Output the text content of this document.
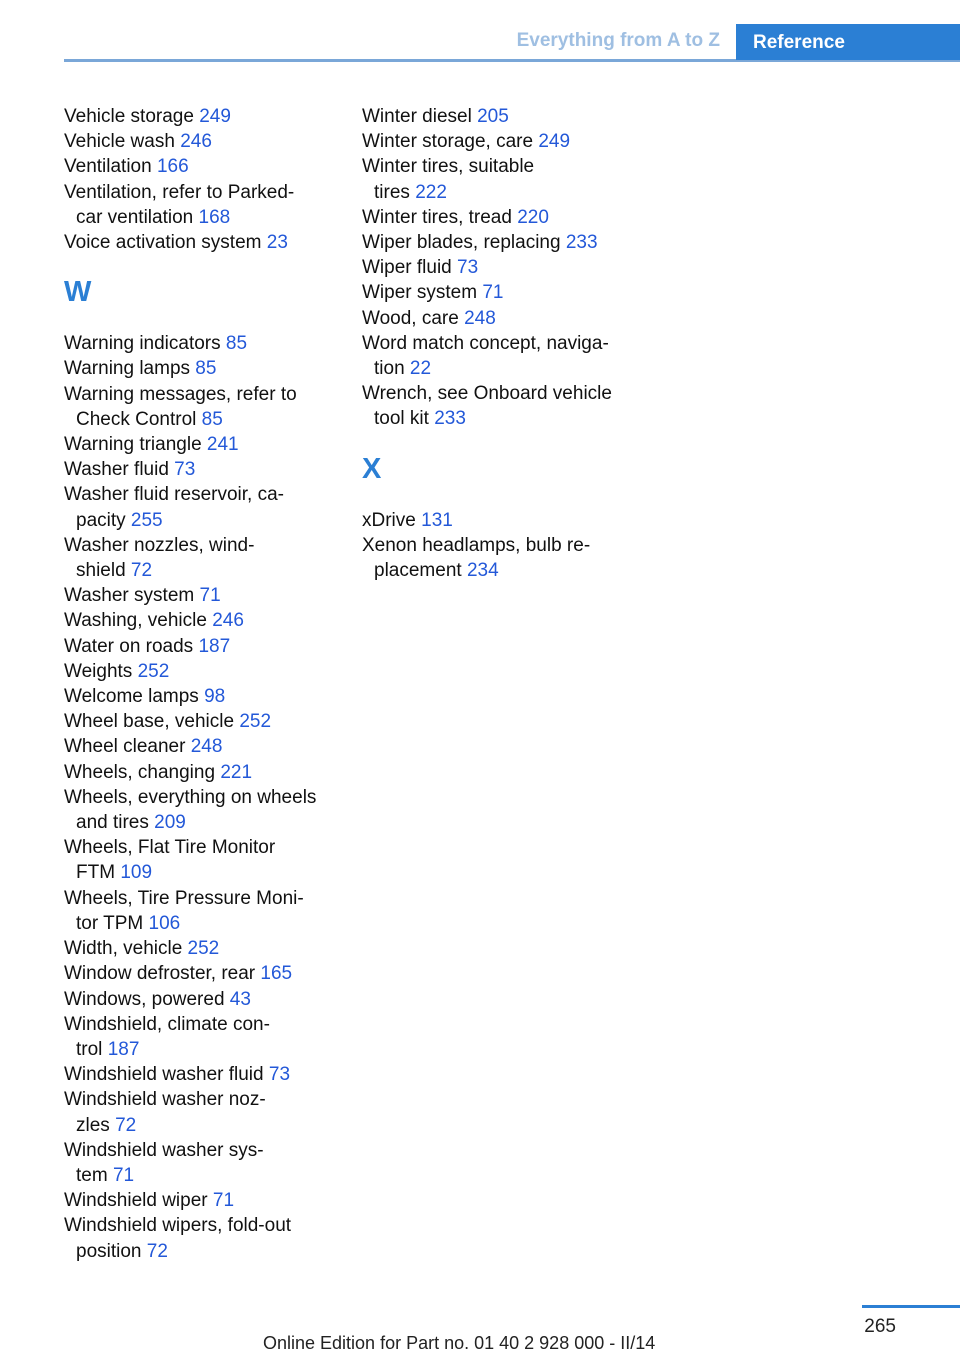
Everything from A to Z	Reference
Vehicle storage 249
Vehicle wash 246
Ventilation 166
Ventilation, refer to Parked-
car ventilation 168
Voice activation system 23
W
Warning indicators 85
Warning lamps 85
Warning messages, refer to
Check Control 85
Warning triangle 241
Washer fluid 73
Washer fluid reservoir, ca-
pacity 255
Washer nozzles, wind-
shield 72
Washer system 71
Washing, vehicle 246
Water on roads 187
Weights 252
Welcome lamps 98
Wheel base, vehicle 252
Wheel cleaner 248
Wheels, changing 221
Wheels, everything on wheels
and tires 209
Wheels, Flat Tire Monitor
FTM 109
Wheels, Tire Pressure Moni-
tor TPM 106
Width, vehicle 252
Window defroster, rear 165
Windows, powered 43
Windshield, climate con-
trol 187
Windshield washer fluid 73
Windshield washer noz-
zles 72
Windshield washer sys-
tem 71
Windshield wiper 71
Windshield wipers, fold-out
position 72
Winter diesel 205
Winter storage, care 249
Winter tires, suitable
tires 222
Winter tires, tread 220
Wiper blades, replacing 233
Wiper fluid 73
Wiper system 71
Wood, care 248
Word match concept, naviga-
tion 22
Wrench, see Onboard vehicle
tool kit 233
X
xDrive 131
Xenon headlamps, bulb re-
placement 234
265
Online Edition for Part no. 01 40 2 928 000 - II/14
